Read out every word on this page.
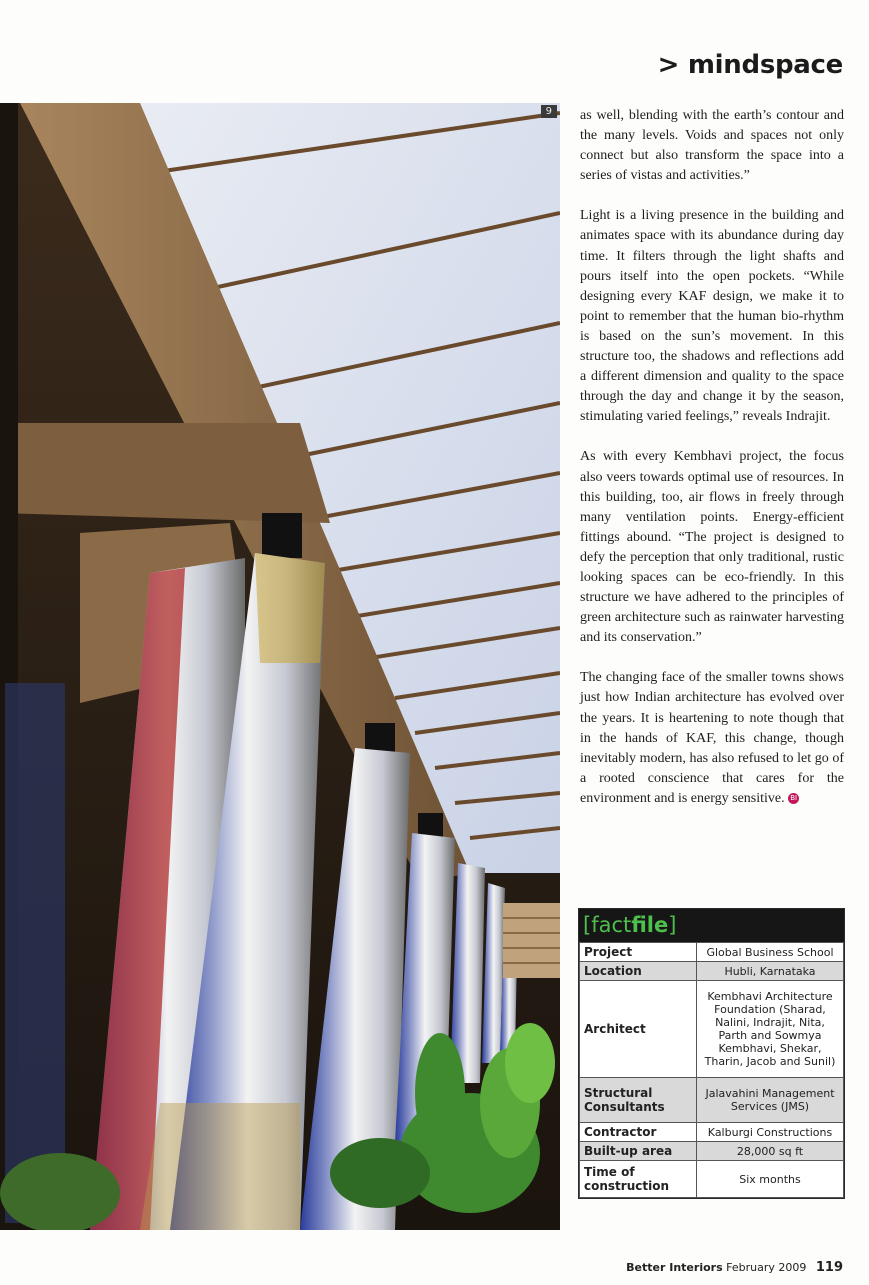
> mindspace
9	as well, blending with the earth’s contour and the many levels. Voids and spaces not only connect but also transform the space into a series of vistas and activities.”

Light is a living presence in the building and animates space with its abundance during day time. It filters through the light shafts and pours itself into the open pockets. “While designing every KAF design, we make it to point to remember that the human bio-rhythm is based on the sun’s movement. In this structure too, the shadows and reflections add a different dimension and quality to the space through the day and change it by the season, stimulating varied feelings,” reveals Indrajit.

As with every Kembhavi project, the focus also veers towards optimal use of resources. In this building, too, air flows in freely through many ventilation points. Energy-efficient fittings abound. “The project is designed to defy the perception that only traditional, rustic looking spaces can be eco-friendly. In this structure we have adhered to the principles of green architecture such as rainwater harvesting and its conservation.”

The changing face of the smaller towns shows just how Indian architecture has evolved over the years. It is heartening to note though that in the hands of KAF, this change, though inevitably modern, has also refused to let go of a rooted conscience that cares for the environment and is energy sensitive. BI

[factfile]
Project	Global Business School
Location	Hubli, Karnataka
Architect	Kembhavi Architecture Foundation (Sharad, Nalini, Indrajit, Nita, Parth and Sowmya Kembhavi, Shekar, Tharin, Jacob and Sunil)
Structural Consultants	Jalavahini Management Services (JMS)
Contractor	Kalburgi Constructions
Built-up area	28,000 sq ft
Time of construction	Six months
Better Interiors February 2009 119
